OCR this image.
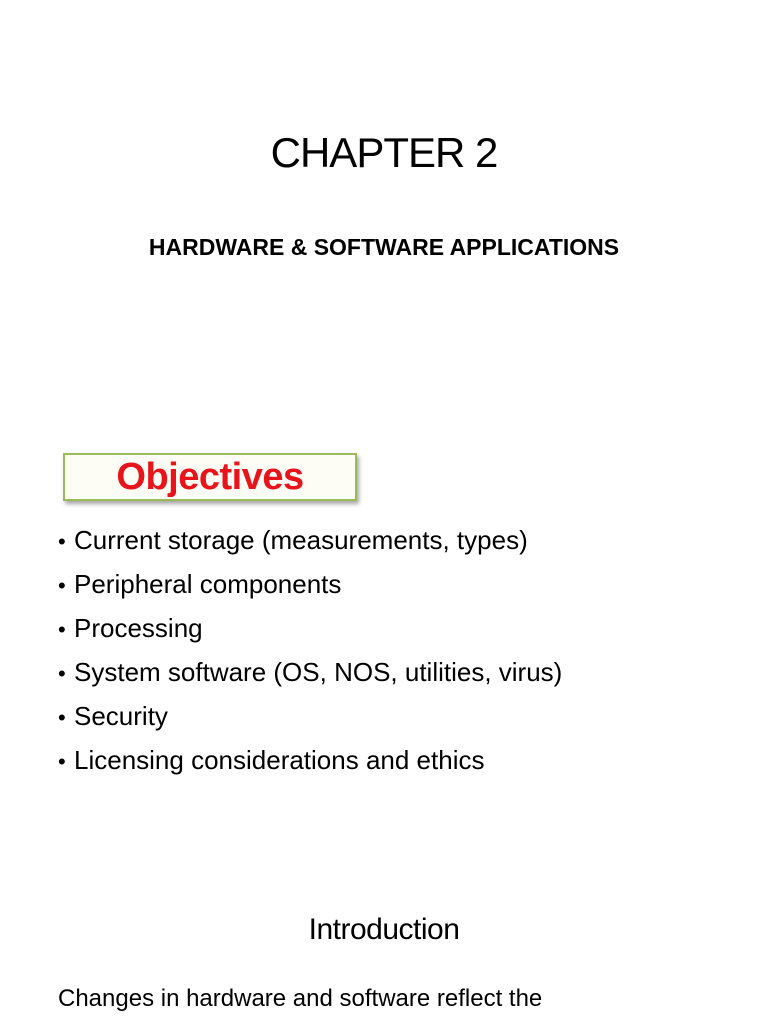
CHAPTER 2
HARDWARE & SOFTWARE APPLICATIONS
Objectives
• Current storage (measurements, types)
• Peripheral components
• Processing
• System software (OS, NOS, utilities, virus)
• Security
• Licensing considerations and ethics
Introduction
Changes in hardware and software reflect the
